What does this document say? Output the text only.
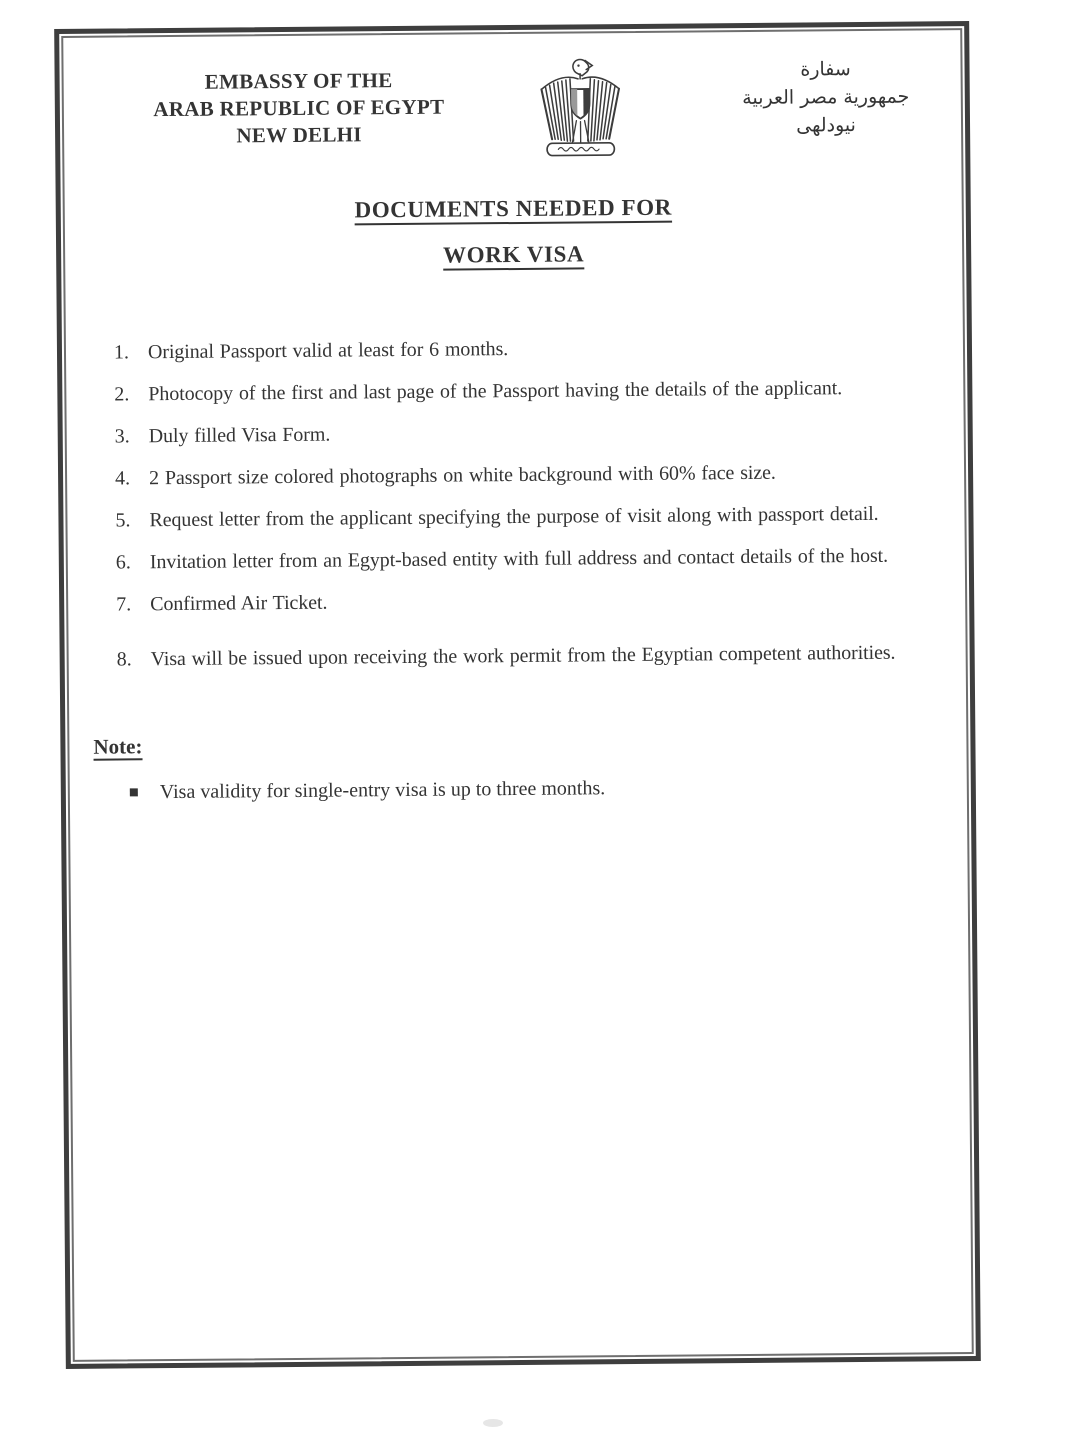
EMBASSY OF THE
ARAB REPUBLIC OF EGYPT
NEW DELHI
سفارة
جمهورية مصر العربية
نيودلهى
DOCUMENTS NEEDED FOR
WORK VISA
1. Original Passport valid at least for 6 months.
2. Photocopy of the first and last page of the Passport having the details of the applicant.
3. Duly filled Visa Form.
4. 2 Passport size colored photographs on white background with 60% face size.
5. Request letter from the applicant specifying the purpose of visit along with passport detail.
6. Invitation letter from an Egypt-based entity with full address and contact details of the host.
7. Confirmed Air Ticket.
8. Visa will be issued upon receiving the work permit from the Egyptian competent authorities.
Note:
Visa validity for single-entry visa is up to three months.
